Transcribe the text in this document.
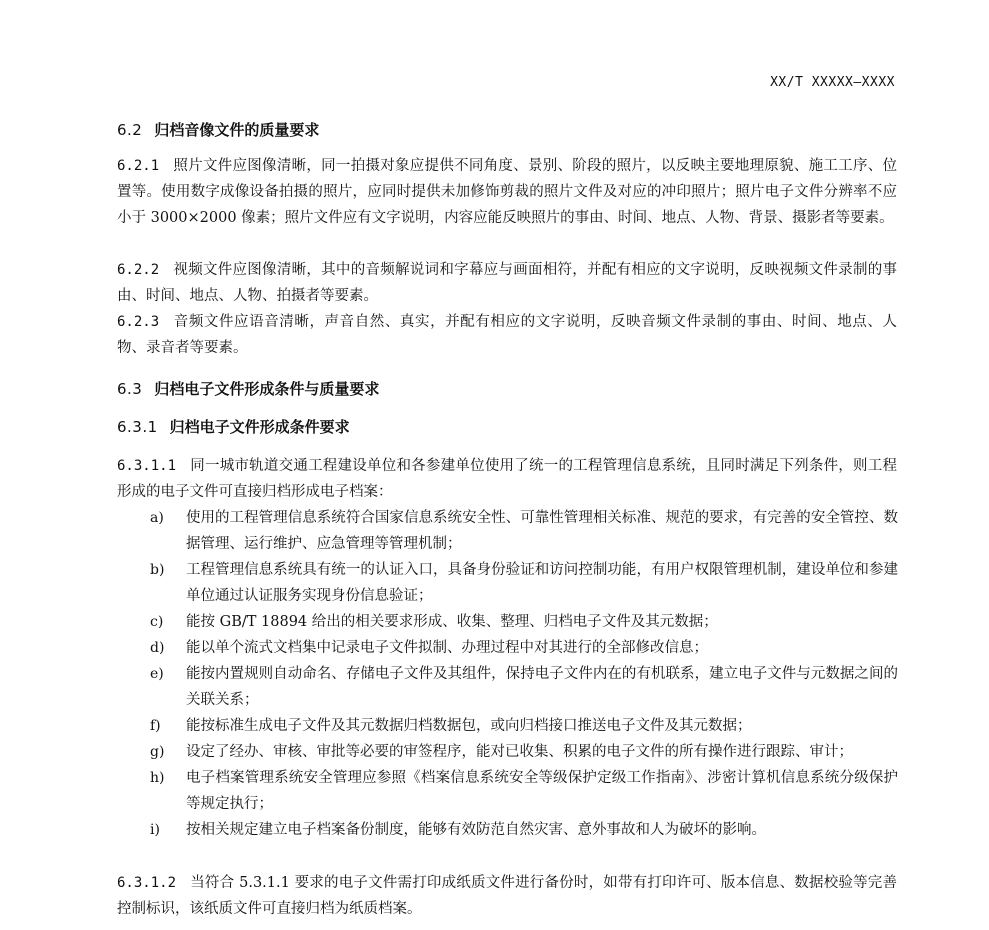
XX/T XXXXX—XXXX
6.2 归档音像文件的质量要求
6.2.1 照片文件应图像清晰，同一拍摄对象应提供不同角度、景别、阶段的照片，以反映主要地理原貌、施工工序、位置等。使用数字成像设备拍摄的照片，应同时提供未加修饰剪裁的照片文件及对应的冲印照片；照片电子文件分辨率不应小于 3000×2000 像素；照片文件应有文字说明，内容应能反映照片的事由、时间、地点、人物、背景、摄影者等要素。
6.2.2 视频文件应图像清晰，其中的音频解说词和字幕应与画面相符，并配有相应的文字说明，反映视频文件录制的事由、时间、地点、人物、拍摄者等要素。
6.2.3 音频文件应语音清晰，声音自然、真实，并配有相应的文字说明，反映音频文件录制的事由、时间、地点、人物、录音者等要素。
6.3 归档电子文件形成条件与质量要求
6.3.1 归档电子文件形成条件要求
6.3.1.1 同一城市轨道交通工程建设单位和各参建单位使用了统一的工程管理信息系统，且同时满足下列条件，则工程形成的电子文件可直接归档形成电子档案：
a) 使用的工程管理信息系统符合国家信息系统安全性、可靠性管理相关标准、规范的要求，有完善的安全管控、数据管理、运行维护、应急管理等管理机制；
b) 工程管理信息系统具有统一的认证入口，具备身份验证和访问控制功能，有用户权限管理机制，建设单位和参建单位通过认证服务实现身份信息验证；
c) 能按 GB/T 18894 给出的相关要求形成、收集、整理、归档电子文件及其元数据；
d) 能以单个流式文档集中记录电子文件拟制、办理过程中对其进行的全部修改信息；
e) 能按内置规则自动命名、存储电子文件及其组件，保持电子文件内在的有机联系，建立电子文件与元数据之间的关联关系；
f) 能按标准生成电子文件及其元数据归档数据包，或向归档接口推送电子文件及其元数据；
g) 设定了经办、审核、审批等必要的审签程序，能对已收集、积累的电子文件的所有操作进行跟踪、审计；
h) 电子档案管理系统安全管理应参照《档案信息系统安全等级保护定级工作指南》、涉密计算机信息系统分级保护等规定执行；
i) 按相关规定建立电子档案备份制度，能够有效防范自然灾害、意外事故和人为破坏的影响。
6.3.1.2 当符合 5.3.1.1 要求的电子文件需打印成纸质文件进行备份时，如带有打印许可、版本信息、数据校验等完善控制标识，该纸质文件可直接归档为纸质档案。
